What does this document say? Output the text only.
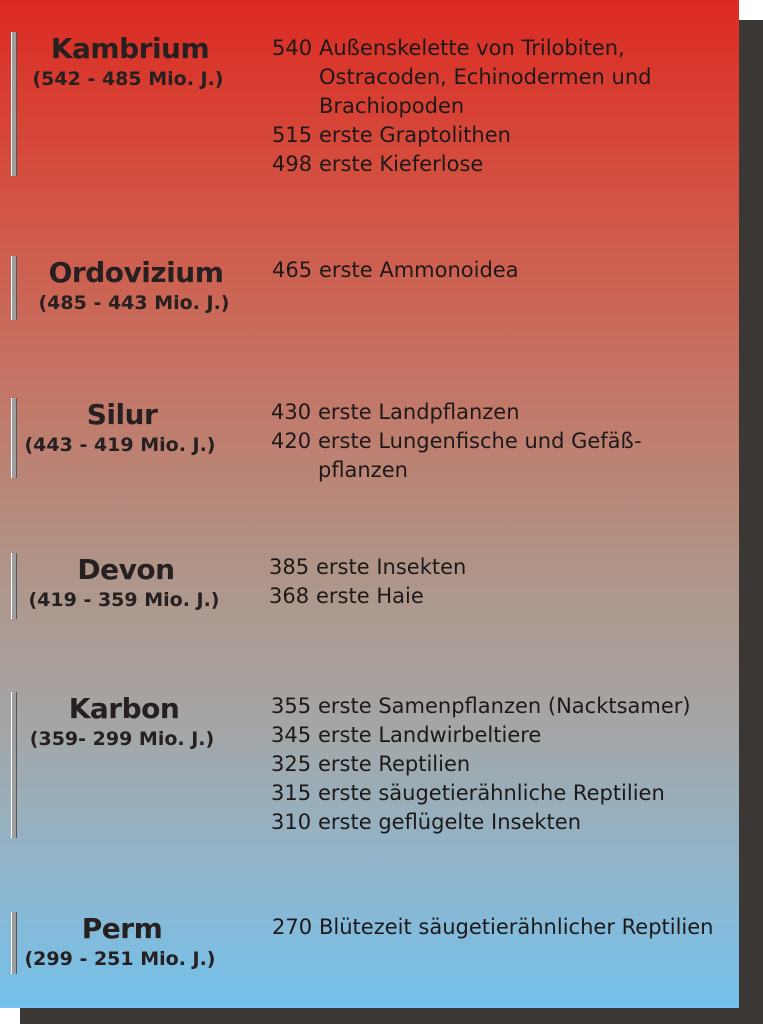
Kambrium
(542 - 485 Mio. J.)
540 Außenskelette von Trilobiten,
Ostracoden, Echinodermen und
Brachiopoden
515 erste Graptolithen
498 erste Kieferlose
Ordovizium
(485 - 443 Mio. J.)
465 erste Ammonoidea
Silur
(443 - 419 Mio. J.)
430 erste Landpflanzen
420 erste Lungenfische und Gefäß-
pflanzen
Devon
(419 - 359 Mio. J.)
385 erste Insekten
368 erste Haie
Karbon
(359- 299 Mio. J.)
355 erste Samenpflanzen (Nacktsamer)
345 erste Landwirbeltiere
325 erste Reptilien
315 erste säugetierähnliche Reptilien
310 erste geflügelte Insekten
Perm
(299 - 251 Mio. J.)
270 Blütezeit säugetierähnlicher Reptilien
